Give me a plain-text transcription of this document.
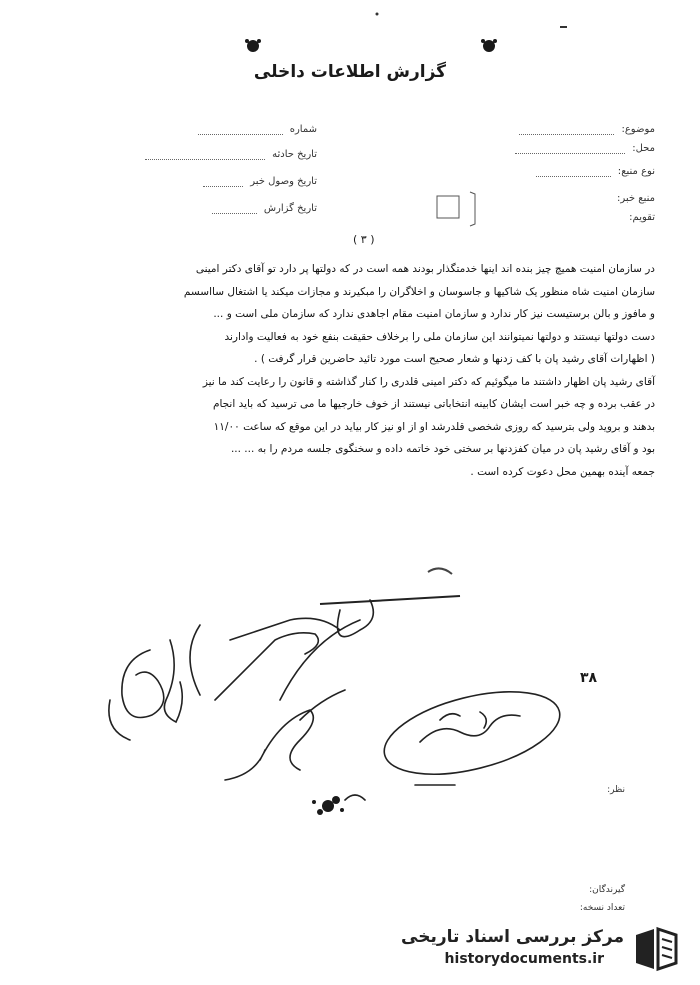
گزارش اطلاعات داخلی
موضوع:
محل:
نوع منبع:
منبع خبر:
تقویم:
شماره
تاریخ حادثه
تاریخ وصول خبر
تاریخ گزارش
( ۳ )

در سازمان امنیت همیچ چیز بنده اند اینها خدمتگذار بودند همه است در که دولتها پر دارد تو آقای دکتر امینی

سازمان امنیت شاه منظور یک شاکیها و جاسوسان و اخلاگران را مبکیرند و مجازات میکند یا اشتغال سااسسم

و مافوز و بالن برستیست نیز کار ندارد و سازمان امنیت مقام اجاهدی ندارد که سازمان ملی است و ...

دست دولتها نیستند و دولتها نمیتوانند این سازمان ملی را برخلاف حقیقت بنفع خود به فعالیت وادارند

( اظهارات آقای رشید پان با کف زدنها و شعار صحیح است مورد تائید حاضرین قرار گرفت ) .

آقای رشید پان اظهار داشتند ما میگوئیم که دکتر امینی قلدری را کنار گذاشته و قانون را رعایت کند ما نیز

در عقب برده و چه خبر است ایشان کابینه انتخاباتی نیستند از خوف خارجیها ما می ترسید که باید انجام

بدهند و بروید ولی بترسید که روزی شخصی قلدرشد او از او نیز کار بیاید در این موقع که ساعت ۱۱/۰۰

بود و آقای رشید پان در میان کفزدنها بر سختی خود خاتمه داده و سخنگوی جلسه مردم را به ... ...

جمعه آینده بهمین محل دعوت کرده است .

۳۸
نظر:
گیرندگان:
تعداد نسخه:
مرکز بررسی اسناد تاریخی
historydocuments.ir
